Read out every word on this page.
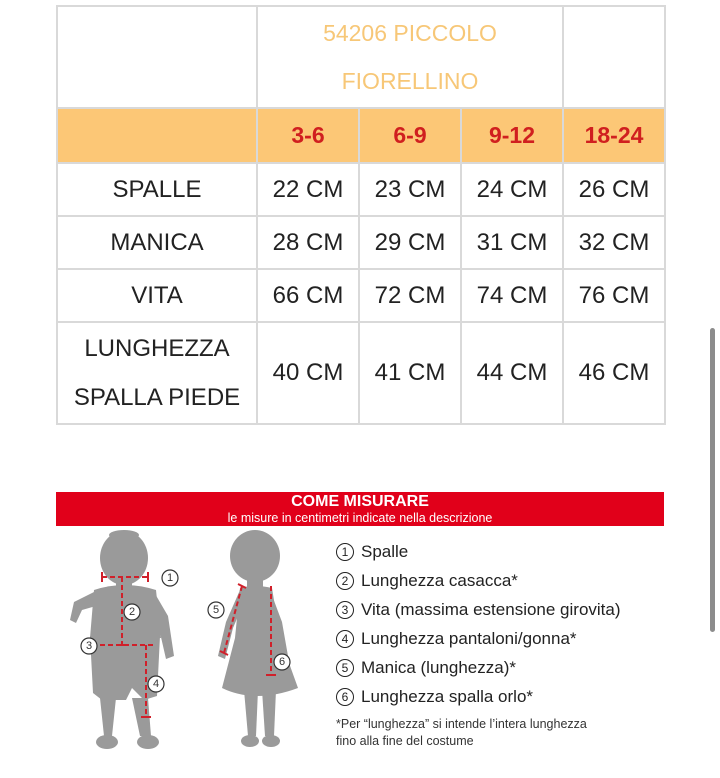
	54206 PICCOLO
FIORELLINO			
	3-6	6-9	9-12	18-24
SPALLE	22 CM	23 CM	24 CM	26 CM
MANICA	28 CM	29 CM	31 CM	32 CM
VITA	66 CM	72 CM	74 CM	76 CM
LUNGHEZZA
SPALLA PIEDE	40 CM	41 CM	44 CM	46 CM
COME MISURARE
le misure in centimetri indicate nella descrizione
1
2
3
4
5
6
1 Spalle
2 Lunghezza casacca*
3 Vita (massima estensione girovita)
4 Lunghezza pantaloni/gonna*
5 Manica (lunghezza)*
6 Lunghezza spalla orlo*
*Per “lunghezza” si intende l’intera lunghezza
fino alla fine del costume
